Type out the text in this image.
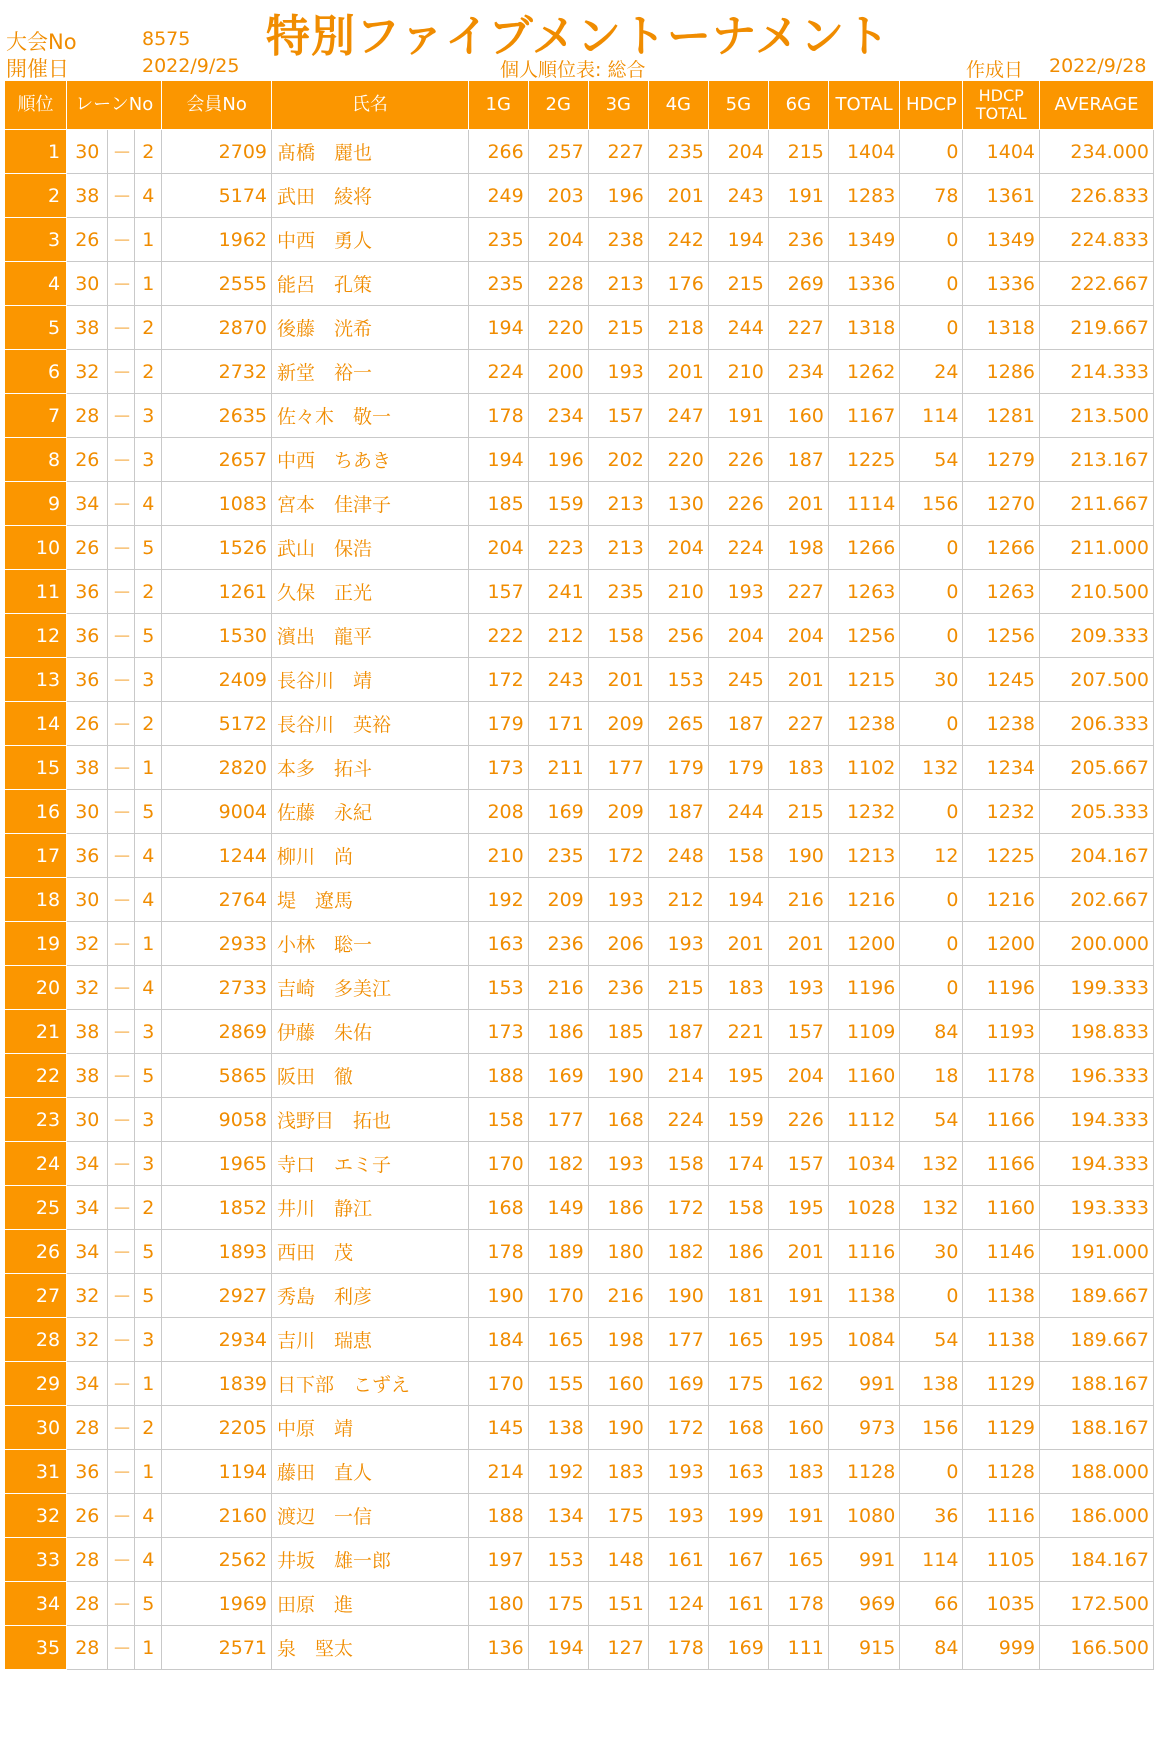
特別ファイブメントーナメント
大会No	8575
開催日	2022/9/25	個人順位表: 総合	作成日 2022/9/28
順位	レーンNo			会員No	氏名	1G	2G	3G	4G	5G	6G	TOTAL	HDCP	HDCP
TOTAL	AVERAGE
1	30	－	2	2709	髙橋　麗也	266	257	227	235	204	215	1404	0	1404	234.000
2	38	－	4	5174	武田　綾将	249	203	196	201	243	191	1283	78	1361	226.833
3	26	－	1	1962	中西　勇人	235	204	238	242	194	236	1349	0	1349	224.833
4	30	－	1	2555	能呂　孔策	235	228	213	176	215	269	1336	0	1336	222.667
5	38	－	2	2870	後藤　洸希	194	220	215	218	244	227	1318	0	1318	219.667
6	32	－	2	2732	新堂　裕一	224	200	193	201	210	234	1262	24	1286	214.333
7	28	－	3	2635	佐々木　敬一	178	234	157	247	191	160	1167	114	1281	213.500
8	26	－	3	2657	中西　ちあき	194	196	202	220	226	187	1225	54	1279	213.167
9	34	－	4	1083	宮本　佳津子	185	159	213	130	226	201	1114	156	1270	211.667
10	26	－	5	1526	武山　保浩	204	223	213	204	224	198	1266	0	1266	211.000
11	36	－	2	1261	久保　正光	157	241	235	210	193	227	1263	0	1263	210.500
12	36	－	5	1530	濱出　龍平	222	212	158	256	204	204	1256	0	1256	209.333
13	36	－	3	2409	長谷川　靖	172	243	201	153	245	201	1215	30	1245	207.500
14	26	－	2	5172	長谷川　英裕	179	171	209	265	187	227	1238	0	1238	206.333
15	38	－	1	2820	本多　拓斗	173	211	177	179	179	183	1102	132	1234	205.667
16	30	－	5	9004	佐藤　永紀	208	169	209	187	244	215	1232	0	1232	205.333
17	36	－	4	1244	柳川　尚	210	235	172	248	158	190	1213	12	1225	204.167
18	30	－	4	2764	堤　遼馬	192	209	193	212	194	216	1216	0	1216	202.667
19	32	－	1	2933	小林　聡一	163	236	206	193	201	201	1200	0	1200	200.000
20	32	－	4	2733	吉崎　多美江	153	216	236	215	183	193	1196	0	1196	199.333
21	38	－	3	2869	伊藤　朱佑	173	186	185	187	221	157	1109	84	1193	198.833
22	38	－	5	5865	阪田　徹	188	169	190	214	195	204	1160	18	1178	196.333
23	30	－	3	9058	浅野目　拓也	158	177	168	224	159	226	1112	54	1166	194.333
24	34	－	3	1965	寺口　エミ子	170	182	193	158	174	157	1034	132	1166	194.333
25	34	－	2	1852	井川　静江	168	149	186	172	158	195	1028	132	1160	193.333
26	34	－	5	1893	西田　茂	178	189	180	182	186	201	1116	30	1146	191.000
27	32	－	5	2927	秀島　利彦	190	170	216	190	181	191	1138	0	1138	189.667
28	32	－	3	2934	吉川　瑞恵	184	165	198	177	165	195	1084	54	1138	189.667
29	34	－	1	1839	日下部　こずえ	170	155	160	169	175	162	991	138	1129	188.167
30	28	－	2	2205	中原　靖	145	138	190	172	168	160	973	156	1129	188.167
31	36	－	1	1194	藤田　直人	214	192	183	193	163	183	1128	0	1128	188.000
32	26	－	4	2160	渡辺　一信	188	134	175	193	199	191	1080	36	1116	186.000
33	28	－	4	2562	井坂　雄一郎	197	153	148	161	167	165	991	114	1105	184.167
34	28	－	5	1969	田原　進	180	175	151	124	161	178	969	66	1035	172.500
35	28	－	1	2571	泉　堅太	136	194	127	178	169	111	915	84	999	166.500
